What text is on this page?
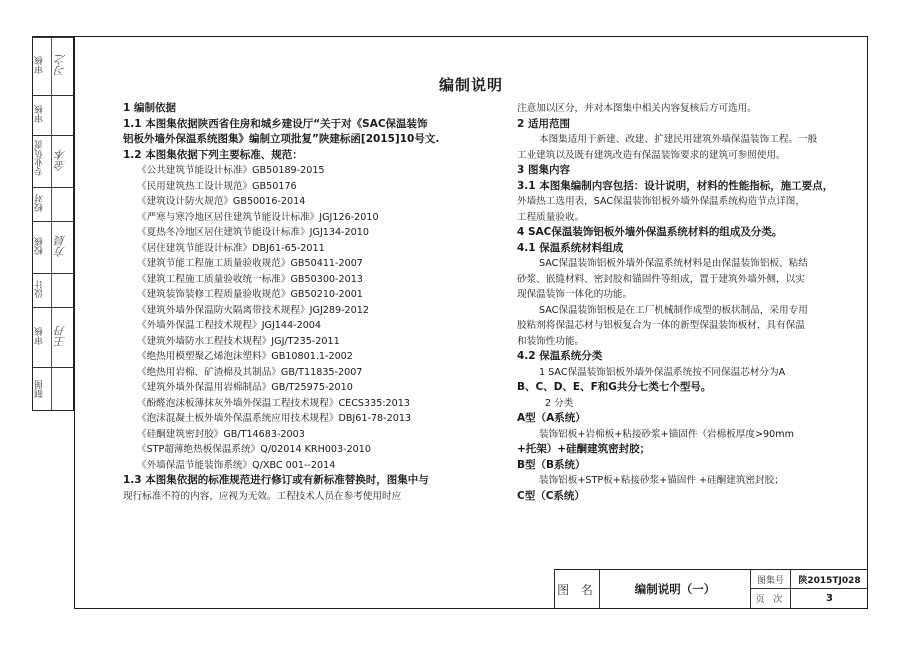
审核 习之
审核
专业负责 金本
校对
校核 方晨
设计
审核 王丹
制图
编制说明
1 编制依据
1.1 本图集依据陕西省住房和城乡建设厅“关于对《SAC保温装饰
铝板外墙外保温系统图集》编制立项批复”陕建标函[2015]10号文.
1.2 本图集依据下列主要标准、规范：
《公共建筑节能设计标准》GB50189-2015
《民用建筑热工设计规范》GB50176
《建筑设计防火规范》GB50016-2014
《严寒与寒冷地区居住建筑节能设计标准》JGJ126-2010
《夏热冬冷地区居住建筑节能设计标准》JGJ134-2010
《居住建筑节能设计标准》DBJ61-65-2011
《建筑节能工程施工质量验收规范》GB50411-2007
《建筑工程施工质量验收统一标准》GB50300-2013
《建筑装饰装修工程质量验收规范》GB50210-2001
《建筑外墙外保温防火隔离带技术规程》JGJ289-2012
《外墙外保温工程技术规程》JGJ144-2004
《建筑外墙防水工程技术规程》JGJ/T235-2011
《绝热用模塑聚乙烯泡沫塑料》GB10801.1-2002
《绝热用岩棉、矿渣棉及其制品》GB/T11835-2007
《建筑外墙外保温用岩棉制品》GB/T25975-2010
《酚醛泡沫板薄抹灰外墙外保温工程技术规程》CECS335:2013
《泡沫混凝土板外墙外保温系统应用技术规程》DBJ61-78-2013
《硅酮建筑密封胶》GB/T14683-2003
《STP超薄绝热板保温系统》Q/02014 KRH003-2010
《外墙保温节能装饰系统》Q/XBC 001--2014
1.3 本图集依据的标准规范进行修订或有新标准替换时，图集中与
现行标准不符的内容，应视为无效。工程技术人员在参考使用时应
注意加以区分，并对本图集中相关内容复核后方可选用。
2 适用范围
本图集适用于新建、改建、扩建民用建筑外墙保温装饰工程。一般
工业建筑以及既有建筑改造有保温装饰要求的建筑可参照使用。
3 图集内容
3.1 本图集编制内容包括：设计说明，材料的性能指标，施工要点，
外墙热工选用表，SAC保温装饰铝板外墙外保温系统构造节点详图，
工程质量验收。
4 SAC保温装饰铝板外墙外保温系统材料的组成及分类。
4.1 保温系统材料组成
SAC保温装饰铝板外墙外保温系统材料是由保温装饰铝板、粘结
砂浆、嵌缝材料、密封胶和锚固件等组成，置于建筑外墙外侧，以实
现保温装饰一体化的功能。
SAC保温装饰铝板是在工厂机械制作成型的板状制品，采用专用
胶粘剂将保温芯材与铝板复合为一体的新型保温装饰板材，具有保温
和装饰性功能。
4.2 保温系统分类
1 SAC保温装饰铝板外墙外保温系统按不同保温芯材分为A
B、C、D、E、F和G共分七类七个型号。
2 分类
A型（A系统）
装饰铝板+岩棉板+粘接砂浆+锚固件（岩棉板厚度>90mm
+托架）+硅酮建筑密封胶；
B型（B系统）
装饰铝板+STP板+粘接砂浆+锚固件 +硅酮建筑密封胶；
C型（C系统）
图 名	编制说明（一）
图集号	陕2015TJ028
页 次	3
